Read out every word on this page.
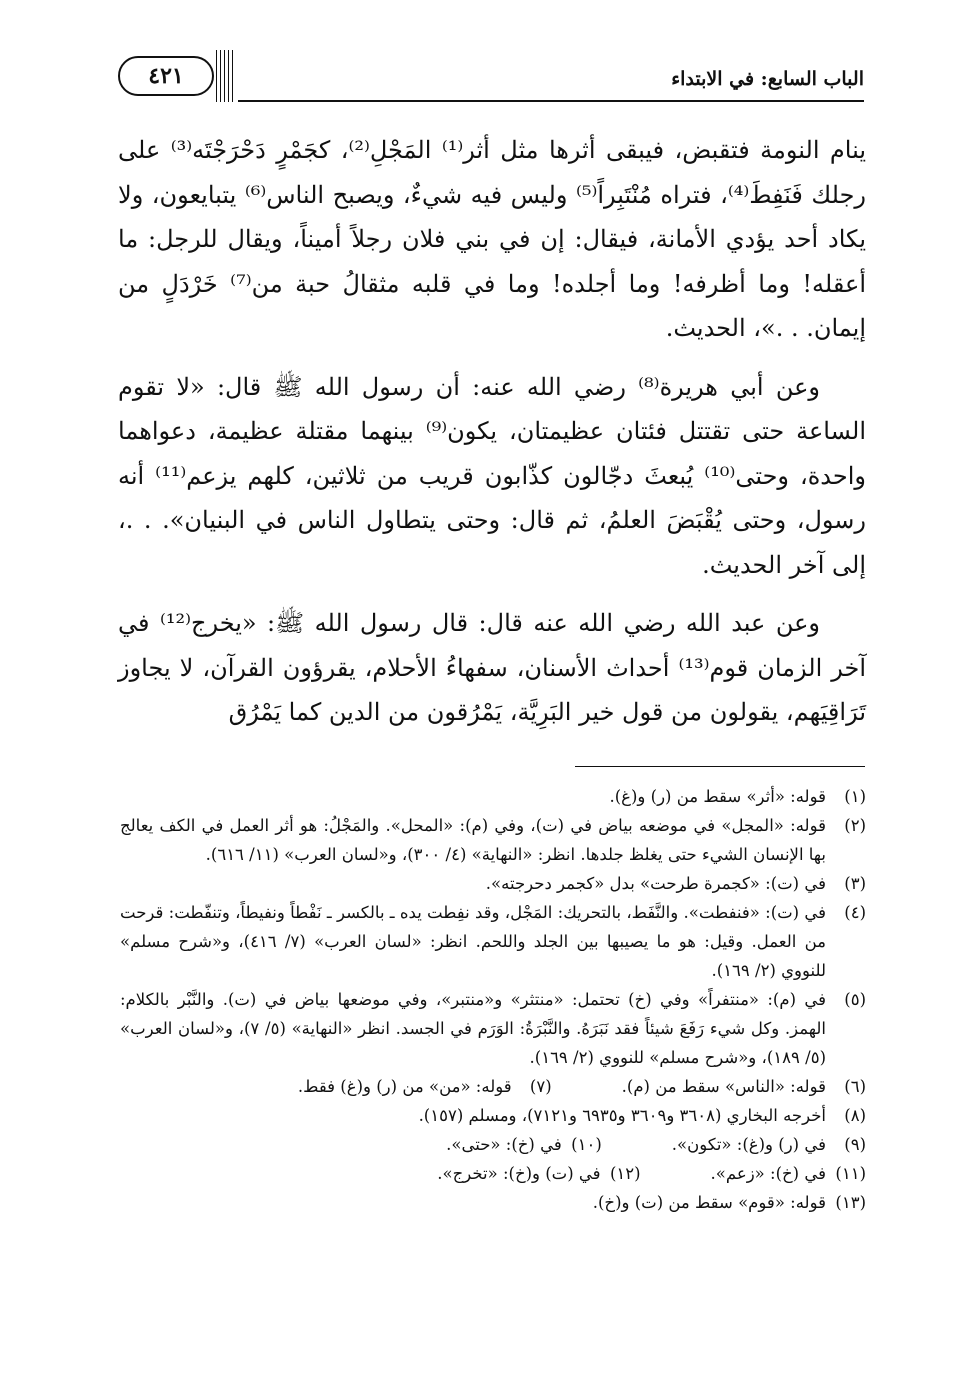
الباب السابع: في الابتداء
٤٢١

ينام النومة فتقبض، فيبقى أثرها مثل أثر⁽¹⁾ المَجْلِ⁽²⁾، كجَمْرٍ دَحْرَجْتَه⁽³⁾ على رجلك فَنَفِطَ⁽⁴⁾، فتراه مُنْتَبِراً⁽⁵⁾ وليس فيه شيءٌ، ويصبح الناس⁽⁶⁾ يتبايعون، ولا يكاد أحد يؤدي الأمانة، فيقال: إن في بني فلان رجلاً أميناً، ويقال للرجل: ما أعقله! وما أظرفه! وما أجلده! وما في قلبه مثقالُ حبة من⁽⁷⁾ خَرْدَلٍ من إيمان. . .»، الحديث.

وعن أبي هريرة⁽⁸⁾ رضي الله عنه: أن رسول الله ﷺ قال: «لا تقوم الساعة حتى تقتتل فئتان عظيمتان، يكون⁽⁹⁾ بينهما مقتلة عظيمة، دعواهما واحدة، وحتى⁽¹⁰⁾ يُبعثَ دجّالون كذّابون قريب من ثلاثين، كلهم يزعم⁽¹¹⁾ أنه رسول، وحتى يُقْبَضَ العلمُ، ثم قال: وحتى يتطاول الناس في البنيان». . .، إلى آخر الحديث.

وعن عبد الله رضي الله عنه قال: قال رسول الله ﷺ: «يخرج⁽¹²⁾ في آخر الزمان قوم⁽¹³⁾ أحداث الأسنان، سفهاءُ الأحلام، يقرؤون القرآن، لا يجاوز تَرَاقِيَهم، يقولون من قول خير البَرِيَّة، يَمْرُقون من الدين كما يَمْرُق

(١)
قوله: «أثر» سقط من (ر) و(غ).
(٢)
قوله: «المجل» في موضعه بياض في (ت)، وفي (م): «المحل». والمَجْلُ: هو أثر العمل في الكف يعالج بها الإنسان الشيء حتى يغلظ جلدها. انظر: «النهاية» (٤/ ٣٠٠)، و«لسان العرب» (١١/ ٦١٦).
(٣)
في (ت): «كجمرة طرحت» بدل «كجمر دحرجته».
(٤)
في (ت): «فنفطت». والنَّفَط، بالتحريك: المَجْل، وقد نفِطت يده ـ بالكسر ـ نَفْطاً ونفيطاً، وتنفّطت: قرحت من العمل. وقيل: هو ما يصيبها بين الجلد واللحم. انظر: «لسان العرب» (٧/ ٤١٦)، و«شرح مسلم» للنووي (٢/ ١٦٩).
(٥)
في (م): «منتفراً» وفي (خ) تحتمل: «منتثر» و«منتبر»، وفي موضعها بياض في (ت). والنَّبْر بالكلام: الهمز. وكل شيء رَفَعَ شيئاً فقد نَبَرَهُ. والنَّبْرَةُ: الوَرَم في الجسد. انظر «النهاية» (٥/ ٧)، و«لسان العرب» (٥/ ١٨٩)، و«شرح مسلم» للنووي (٢/ ١٦٩).
(٦)
قوله: «الناس» سقط من (م).
(٧)
قوله: «من» من (ر) و(غ) فقط.
(٨)
أخرجه البخاري (٣٦٠٨ و٣٦٠٩ و٦٩٣٥ و٧١٢١)، ومسلم (١٥٧).
(٩)
في (ر) و(غ): «تكون».
(١٠)
في (خ): «حتى».
(١١)
في (خ): «زعم».
(١٢)
في (ت) و(خ): «تخرج».
(١٣)
قوله: «قوم» سقط من (ت) و(خ).
